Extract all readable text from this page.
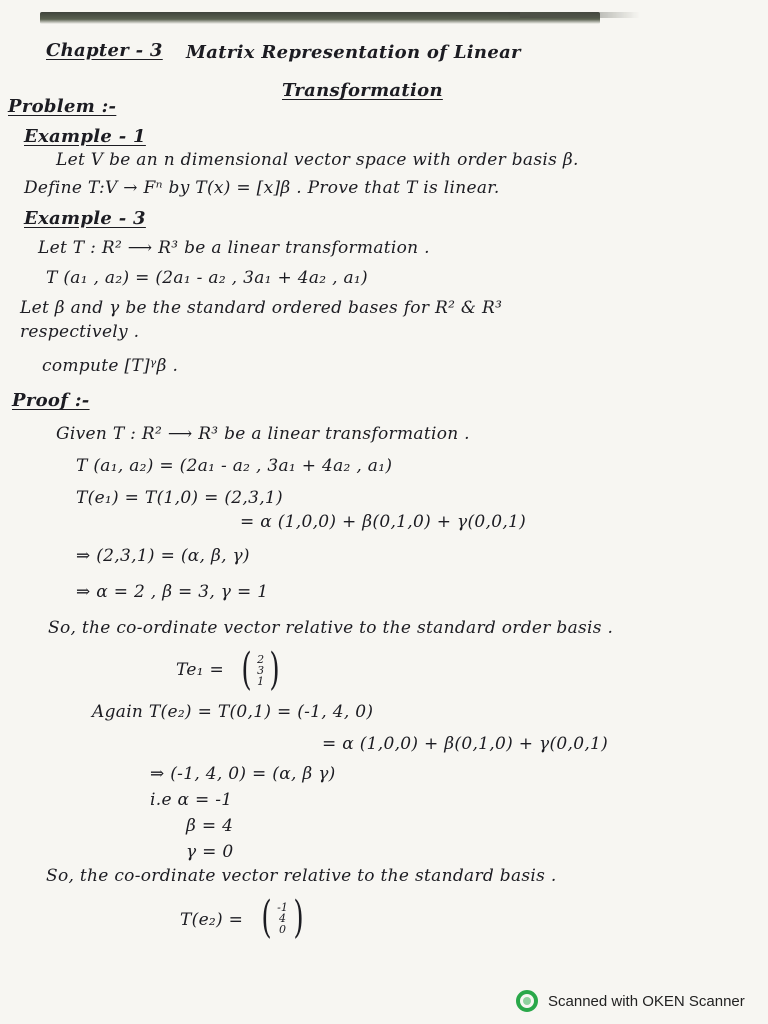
Chapter - 3 Matrix Representation of Linear
Transformation
Problem :-
Example - 1
Let V be an n dimensional vector space with order basis β.
Define T:V → Fⁿ by T(x) = [x]β . Prove that T is linear.
Example - 3
Let T : R² ⟶ R³ be a linear transformation .
T (a₁ , a₂) = (2a₁ - a₂ , 3a₁ + 4a₂ , a₁)
Let β and γ be the standard ordered bases for R² & R³
respectively .
compute [T]ᵞβ .
Proof :-
Given T : R² ⟶ R³ be a linear transformation .
T (a₁, a₂) = (2a₁ - a₂ , 3a₁ + 4a₂ , a₁)
T(e₁) = T(1,0) = (2,3,1)
= α (1,0,0) + β(0,1,0) + γ(0,0,1)
⇒ (2,3,1) = (α, β, γ)
⇒ α = 2 , β = 3, γ = 1
So, the co-ordinate vector relative to the standard order basis .
Te₁ = ( 2
3
1 )
Again T(e₂) = T(0,1) = (-1, 4, 0)
= α (1,0,0) + β(0,1,0) + γ(0,0,1)
⇒ (-1, 4, 0) = (α, β γ)
i.e α = -1
β = 4
γ = 0
So, the co-ordinate vector relative to the standard basis .
T(e₂) = ( -1
4
0 )
Scanned with OKEN Scanner
